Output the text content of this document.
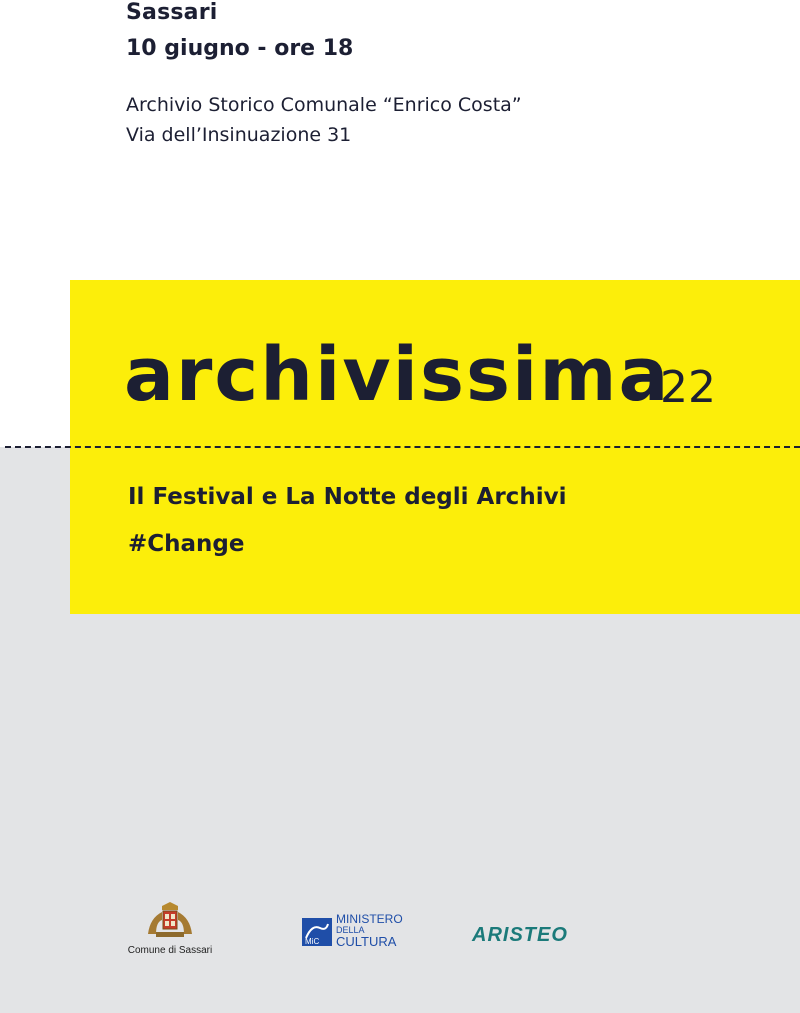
Sassari
10 giugno - ore 18
Archivio Storico Comunale “Enrico Costa”
Via dell’Insinuazione 31
archivissima
22
Il Festival e La Notte degli Archivi
#Change
Comune di Sassari
MiC
MINISTERO
DELLA
CULTURA	ARISTEO
